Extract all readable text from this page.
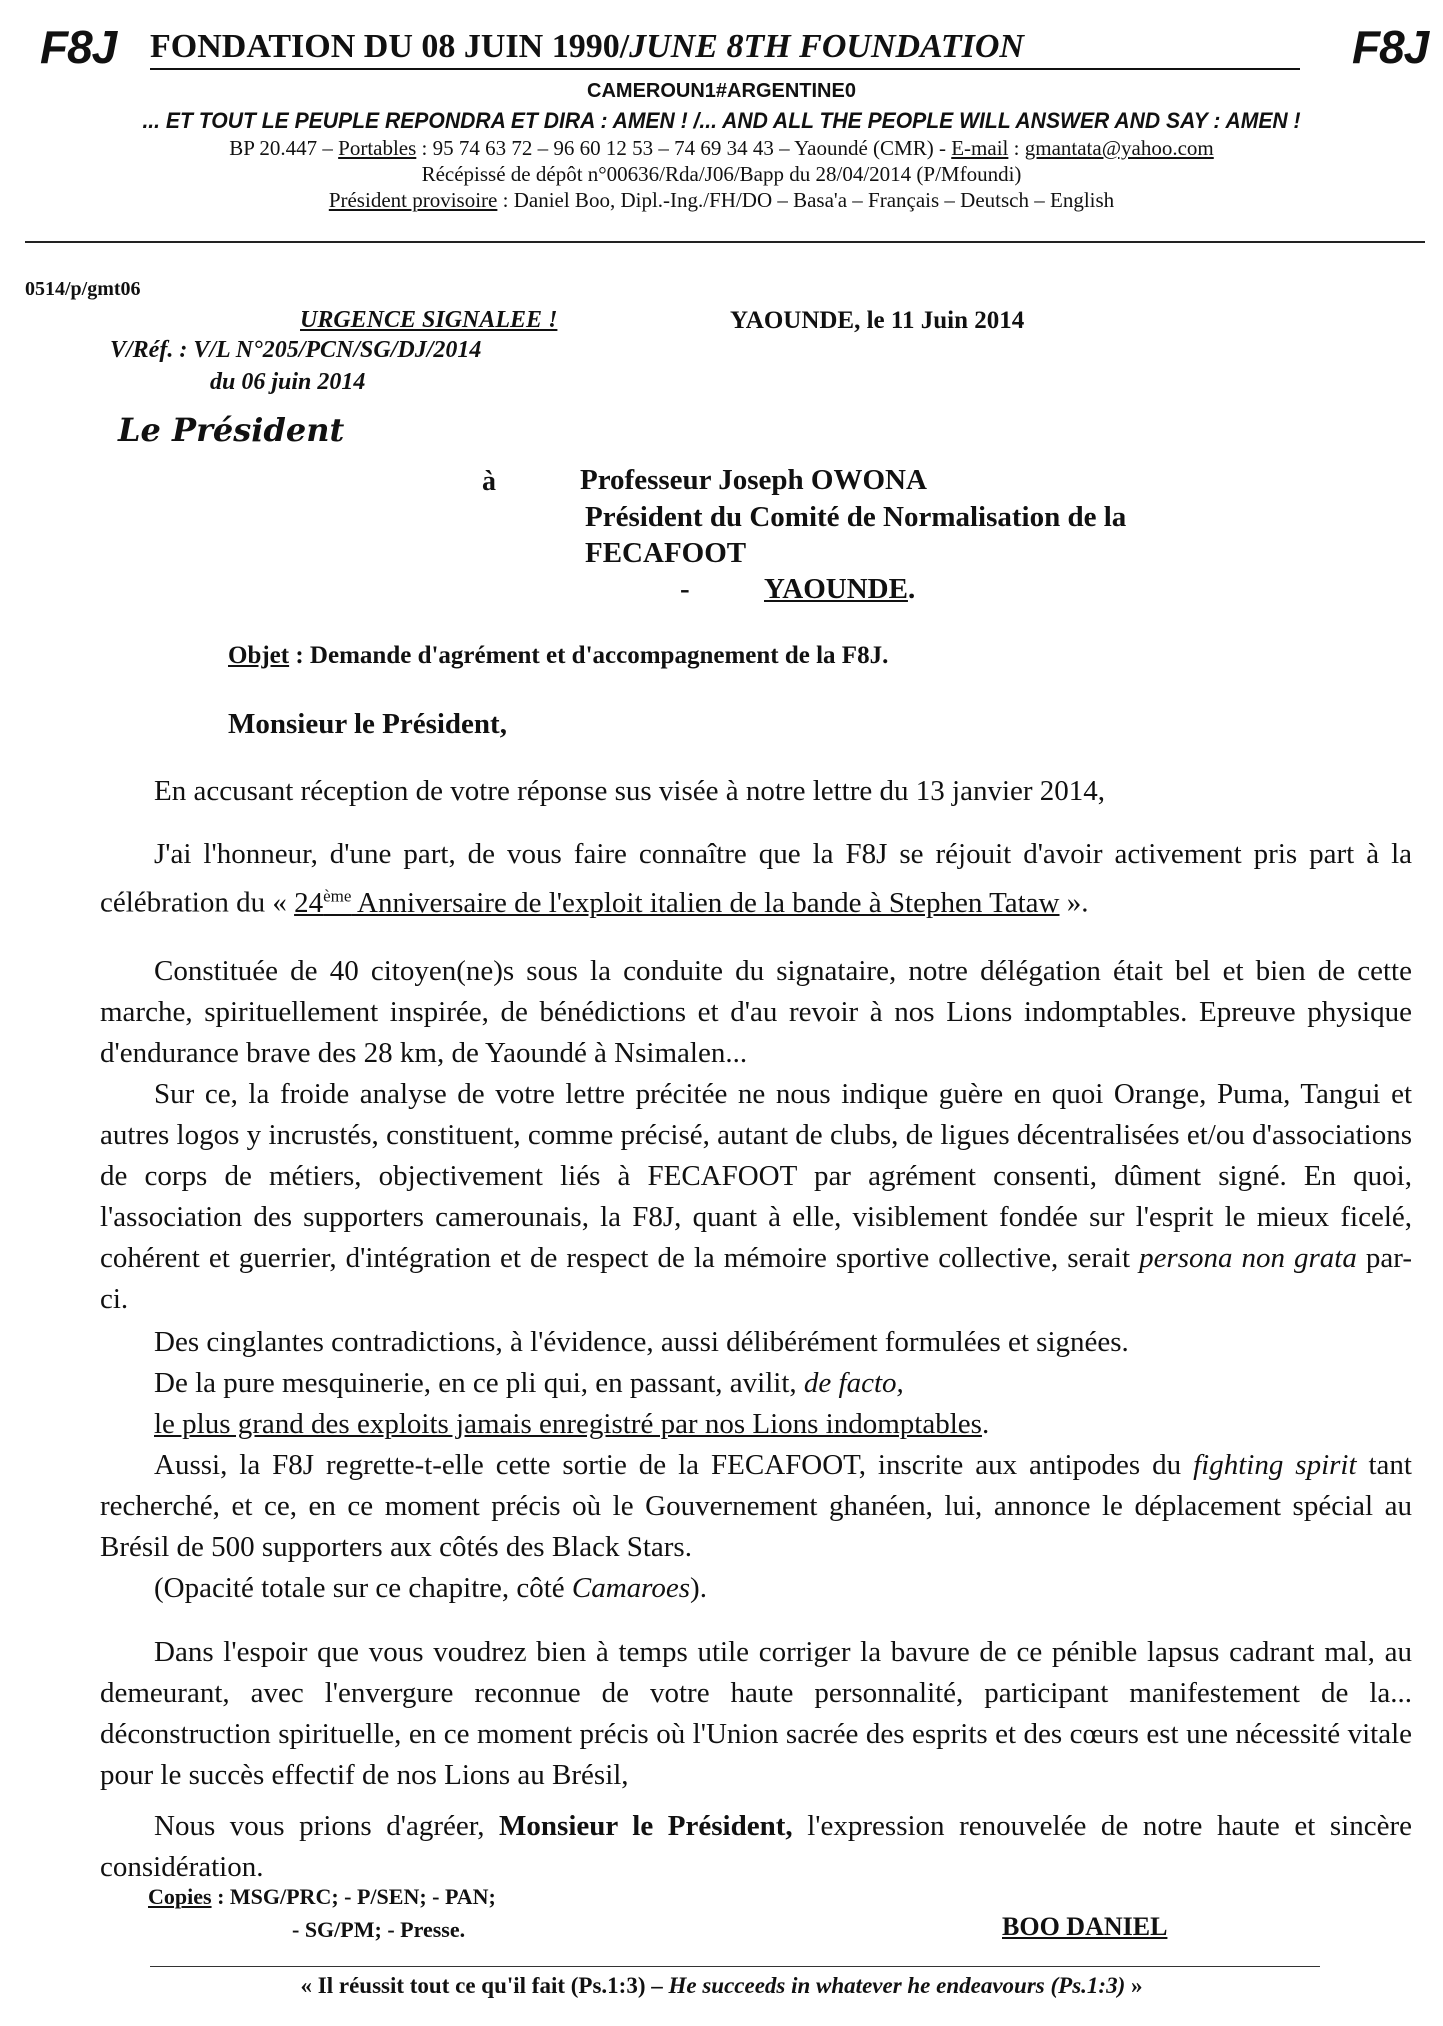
F8J	F8J
FONDATION DU 08 JUIN 1990/JUNE 8TH FOUNDATION
CAMEROUN1#ARGENTINE0
... ET TOUT LE PEUPLE REPONDRA ET DIRA : AMEN ! /... AND ALL THE PEOPLE WILL ANSWER AND SAY : AMEN !
BP 20.447 – Portables : 95 74 63 72 – 96 60 12 53 – 74 69 34 43 – Yaoundé (CMR) - E-mail : gmantata@yahoo.com
Récépissé de dépôt n°00636/Rda/J06/Bapp du 28/04/2014 (P/Mfoundi)
Président provisoire : Daniel Boo, Dipl.-Ing./FH/DO – Basa'a – Français – Deutsch – English
0514/p/gmt06
URGENCE SIGNALEE !
V/Réf. : V/L N°205/PCN/SG/DJ/2014
du 06 juin 2014
YAOUNDE, le 11 Juin 2014
Le Président
à	Professeur Joseph OWONA
Président du Comité de Normalisation de la
FECAFOOT
-	YAOUNDE.
Objet : Demande d'agrément et d'accompagnement de la F8J.
Monsieur le Président,
En accusant réception de votre réponse sus visée à notre lettre du 13 janvier 2014,
J'ai l'honneur, d'une part, de vous faire connaître que la F8J se réjouit d'avoir activement pris part à la célébration du « 24ème Anniversaire de l'exploit italien de la bande à Stephen Tataw ».
Constituée de 40 citoyen(ne)s sous la conduite du signataire, notre délégation était bel et bien de cette marche, spirituellement inspirée, de bénédictions et d'au revoir à nos Lions indomptables. Epreuve physique d'endurance brave des 28 km, de Yaoundé à Nsimalen...
Sur ce, la froide analyse de votre lettre précitée ne nous indique guère en quoi Orange, Puma, Tangui et autres logos y incrustés, constituent, comme précisé, autant de clubs, de ligues décentralisées et/ou d'associations de corps de métiers, objectivement liés à FECAFOOT par agrément consenti, dûment signé. En quoi, l'association des supporters camerounais, la F8J, quant à elle, visiblement fondée sur l'esprit le mieux ficelé, cohérent et guerrier, d'intégration et de respect de la mémoire sportive collective, serait persona non grata par-ci.
Des cinglantes contradictions, à l'évidence, aussi délibérément formulées et signées.
De la pure mesquinerie, en ce pli qui, en passant, avilit, de facto,
le plus grand des exploits jamais enregistré par nos Lions indomptables.
Aussi, la F8J regrette-t-elle cette sortie de la FECAFOOT, inscrite aux antipodes du fighting spirit tant recherché, et ce, en ce moment précis où le Gouvernement ghanéen, lui, annonce le déplacement spécial au Brésil de 500 supporters aux côtés des Black Stars.
(Opacité totale sur ce chapitre, côté Camaroes).
Dans l'espoir que vous voudrez bien à temps utile corriger la bavure de ce pénible lapsus cadrant mal, au demeurant, avec l'envergure reconnue de votre haute personnalité, participant manifestement de la... déconstruction spirituelle, en ce moment précis où l'Union sacrée des esprits et des cœurs est une nécessité vitale pour le succès effectif de nos Lions au Brésil,
Nous vous prions d'agréer, Monsieur le Président, l'expression renouvelée de notre haute et sincère considération.
Copies : MSG/PRC; - P/SEN; - PAN;
- SG/PM; - Presse.	BOO DANIEL
« Il réussit tout ce qu'il fait (Ps.1:3) – He succeeds in whatever he endeavours (Ps.1:3) »
